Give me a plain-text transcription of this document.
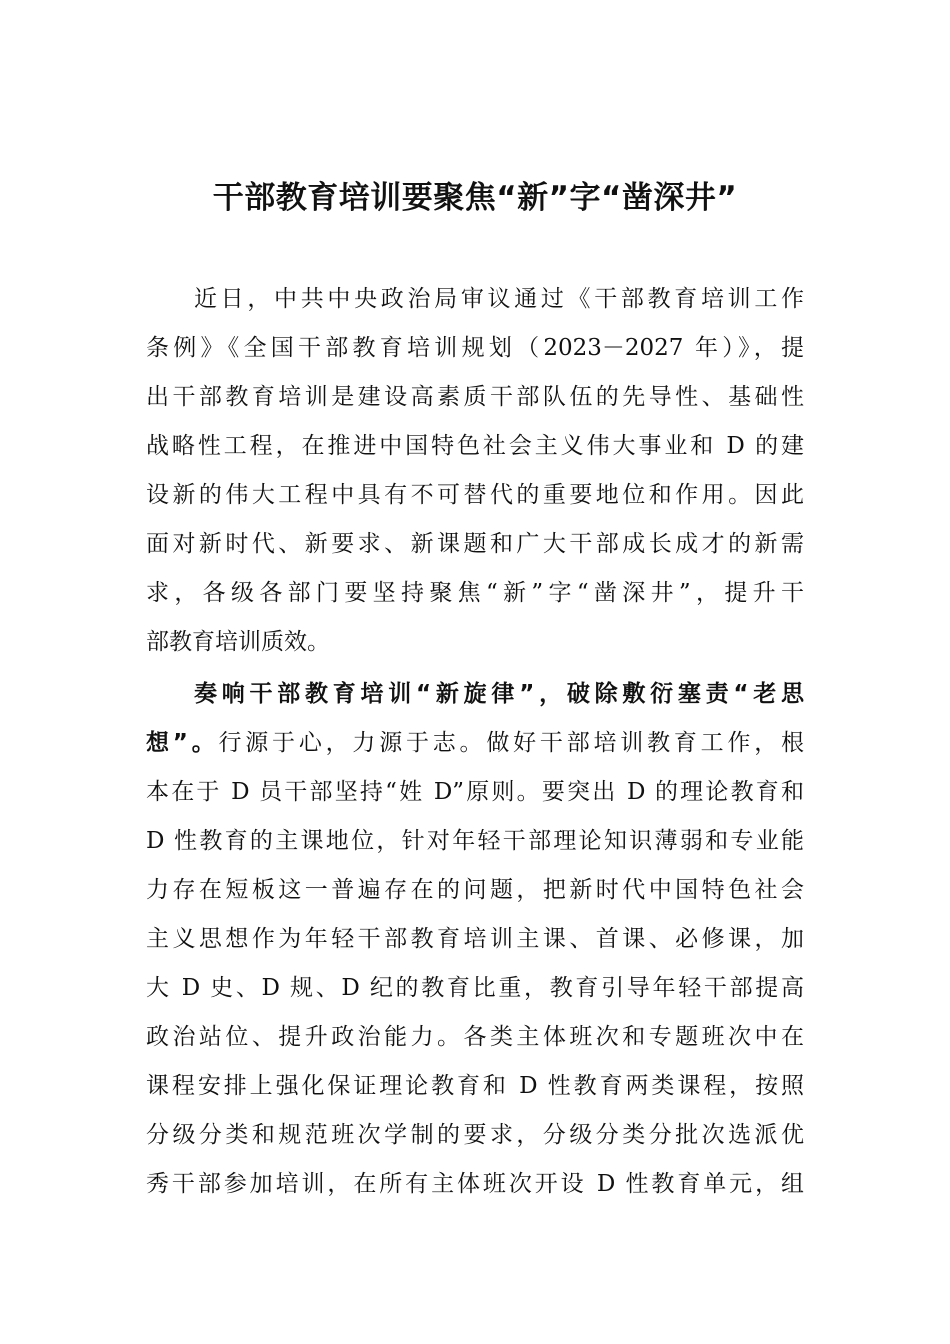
干部教育培训要聚焦“新”字“凿深井”
近日，中共中央政治局审议通过《干部教育培训工作
条例》《全国干部教育培训规划（2023－2027 年）》，提
出干部教育培训是建设高素质干部队伍的先导性、基础性
战略性工程，在推进中国特色社会主义伟大事业和 D 的建
设新的伟大工程中具有不可替代的重要地位和作用。因此
面对新时代、新要求、新课题和广大干部成长成才的新需
求，各级各部门要坚持聚焦“新”字“凿深井”，提升干
部教育培训质效。
奏响干部教育培训“新旋律”，破除敷衍塞责“老思
想”。行源于心，力源于志。做好干部培训教育工作，根
本在于 D 员干部坚持“姓 D”原则。要突出 D 的理论教育和
D 性教育的主课地位，针对年轻干部理论知识薄弱和专业能
力存在短板这一普遍存在的问题，把新时代中国特色社会
主义思想作为年轻干部教育培训主课、首课、必修课，加
大 D 史、D 规、D 纪的教育比重，教育引导年轻干部提高
政治站位、提升政治能力。各类主体班次和专题班次中在
课程安排上强化保证理论教育和 D 性教育两类课程，按照
分级分类和规范班次学制的要求，分级分类分批次选派优
秀干部参加培训，在所有主体班次开设 D 性教育单元，组
